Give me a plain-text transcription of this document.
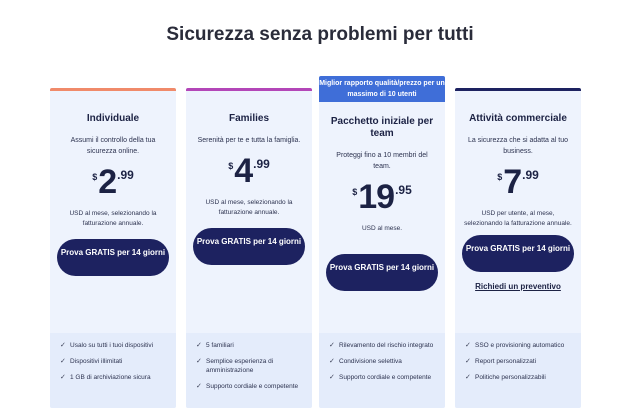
Sicurezza senza problemi per tutti
Miglior rapporto qualità/prezzo per un massimo di 10 utenti
Individuale
Assumi il controllo della tua sicurezza online.
$ 2 .99
USD al mese, selezionando la fatturazione annuale.
Prova GRATIS per 14 giorni
✓ Usalo su tutti i tuoi dispositivi
✓ Dispositivi illimitati
✓ 1 GB di archiviazione sicura
Families
Serenità per te e tutta la famiglia.
$ 4 .99
USD al mese, selezionando la fatturazione annuale.
Prova GRATIS per 14 giorni
✓ 5 familiari
✓ Semplice esperienza di amministrazione
✓ Supporto cordiale e competente
Pacchetto iniziale per team
Proteggi fino a 10 membri del team.
$ 19 .95
USD al mese.
Prova GRATIS per 14 giorni
✓ Rilevamento del rischio integrato
✓ Condivisione selettiva
✓ Supporto cordiale e competente
Attività commerciale
La sicurezza che si adatta al tuo business.
$ 7 .99
USD per utente, al mese, selezionando la fatturazione annuale.
Prova GRATIS per 14 giorni
Richiedi un preventivo
✓ SSO e provisioning automatico
✓ Report personalizzati
✓ Politiche personalizzabili
